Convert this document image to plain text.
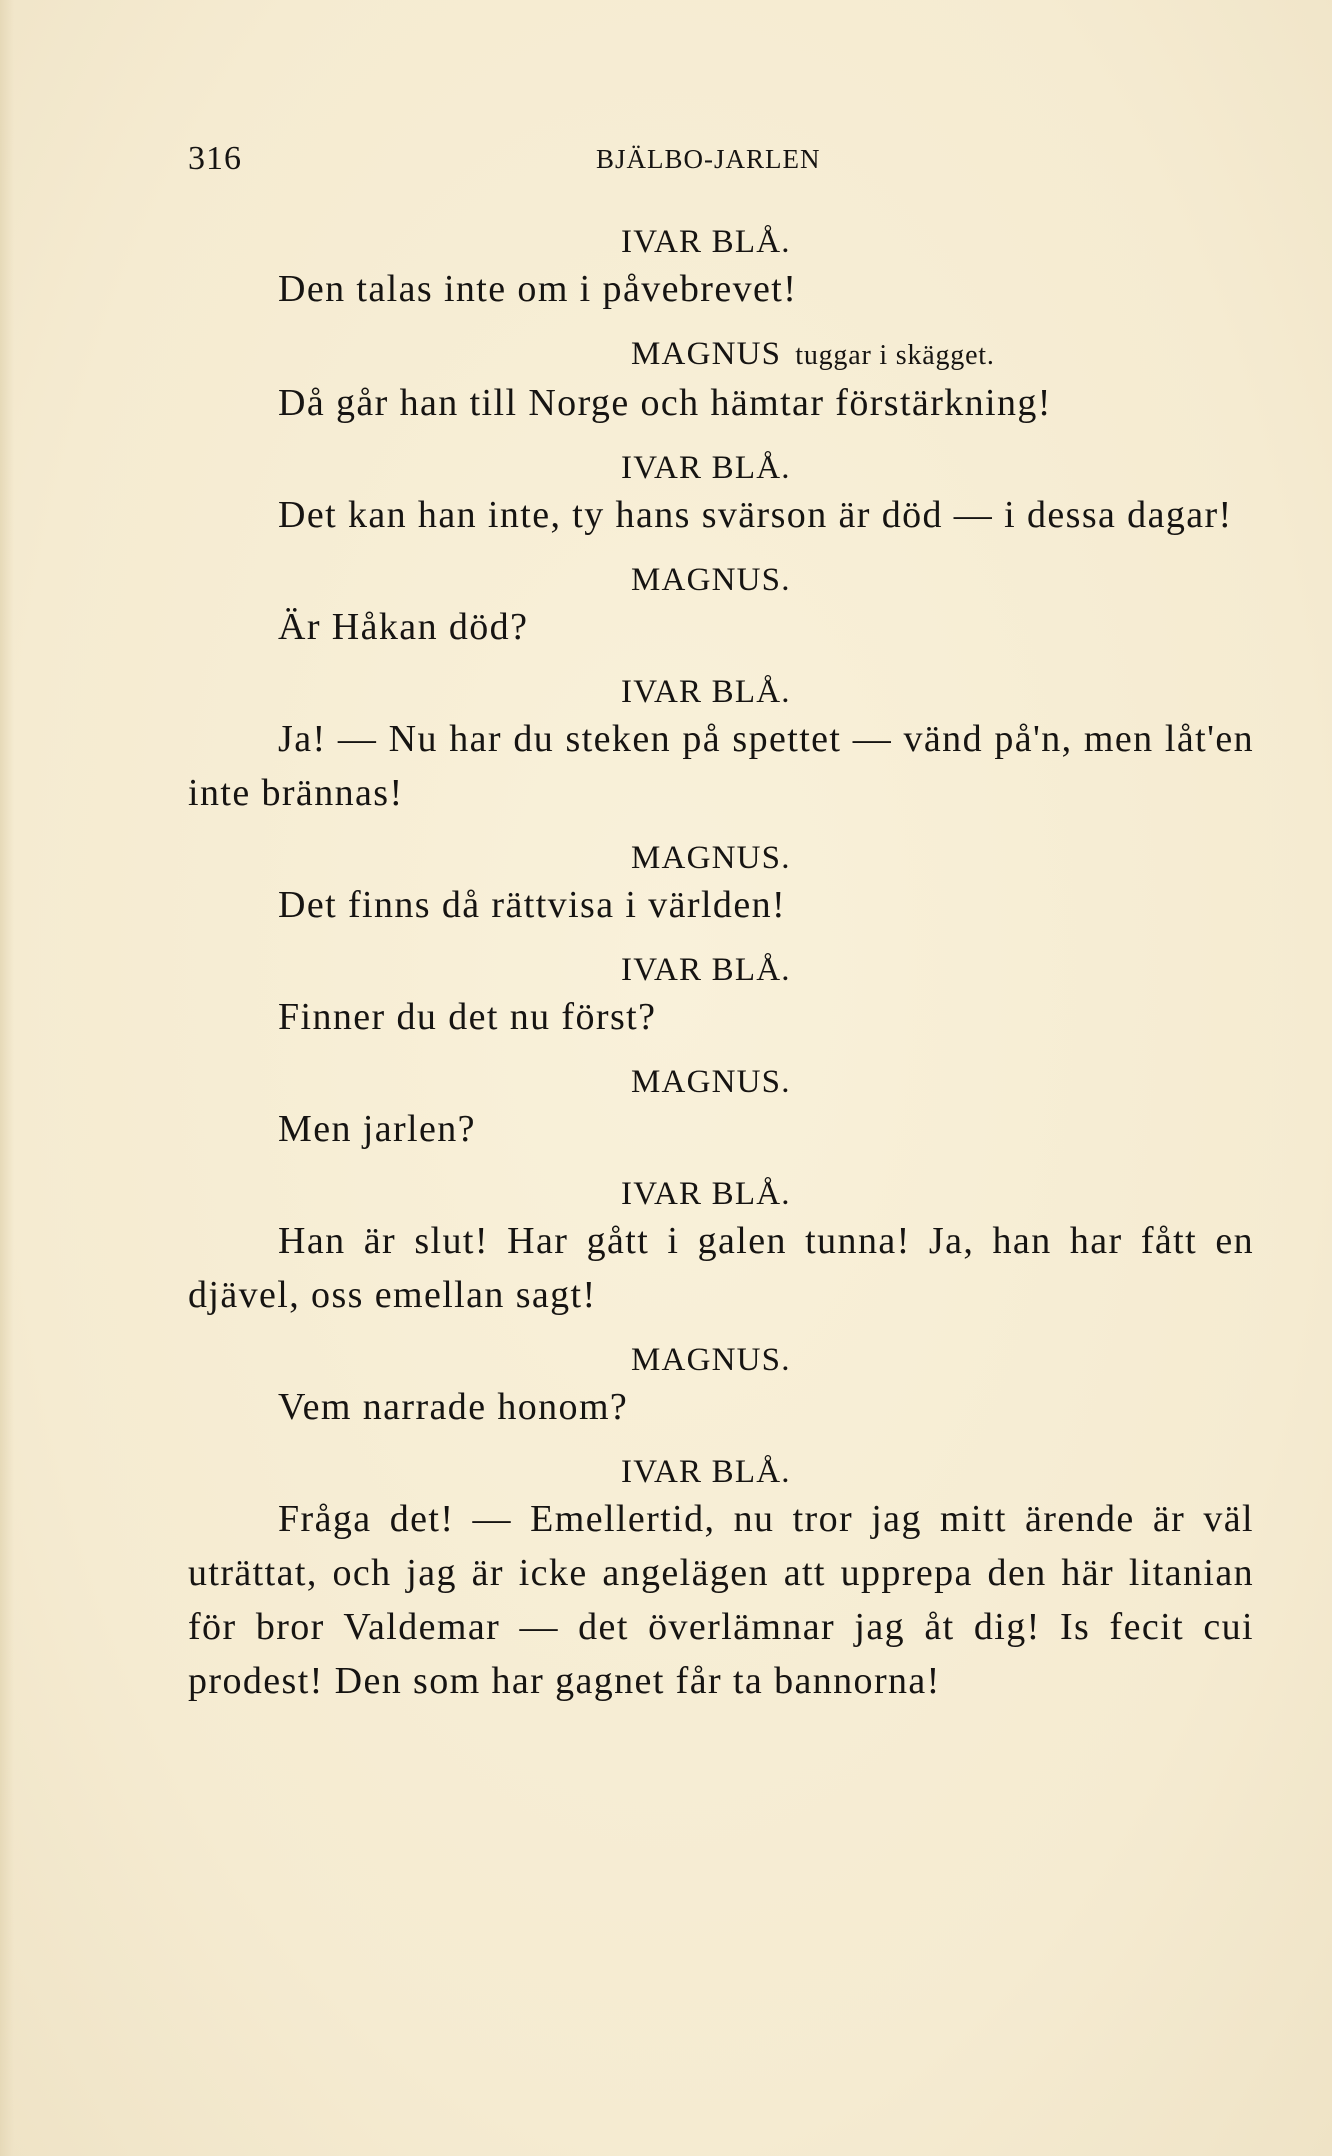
316	BJÄLBO-JARLEN

IVAR BLÅ.

Den talas inte om i påvebrevet!

MAGNUS tuggar i skägget.

Då går han till Norge och hämtar förstärkning!

IVAR BLÅ.

Det kan han inte, ty hans svärson är död — i dessa dagar!

MAGNUS.

Är Håkan död?

IVAR BLÅ.

Ja! — Nu har du steken på spettet — vänd på'n, men låt'en inte brännas!

MAGNUS.

Det finns då rättvisa i världen!

IVAR BLÅ.

Finner du det nu först?

MAGNUS.

Men jarlen?

IVAR BLÅ.

Han är slut! Har gått i galen tunna! Ja, han har fått en djävel, oss emellan sagt!

MAGNUS.

Vem narrade honom?

IVAR BLÅ.

Fråga det! — Emellertid, nu tror jag mitt ärende är väl uträttat, och jag är icke angelägen att upprepa den här litanian för bror Valdemar — det överlämnar jag åt dig! Is fecit cui prodest! Den som har gagnet får ta bannorna!
